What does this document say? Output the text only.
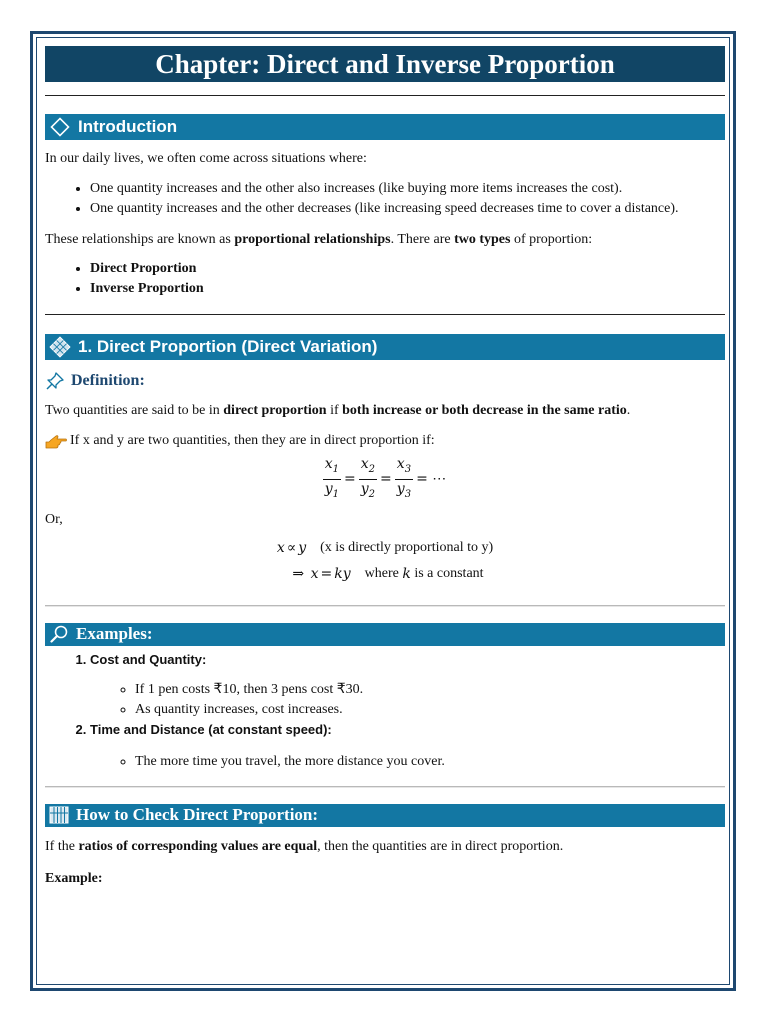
Chapter: Direct and Inverse Proportion
Introduction

In our daily lives, we often come across situations where:

• One quantity increases and the other also increases (like buying more items increases the cost).
• One quantity increases and the other decreases (like increasing speed decreases time to cover a distance).

These relationships are known as proportional relationships. There are two types of proportion:

• Direct Proportion
• Inverse Proportion
1. Direct Proportion (Direct Variation)
Definition:

Two quantities are said to be in direct proportion if both increase or both decrease in the same ratio.

If x and y are two quantities, then they are in direct proportion if:

$\frac{x_1}{y_1} = \frac{x_2}{y_2} = \frac{x_3}{y_3}$ = ⋯

Or,

x ∝ y (x is directly proportional to y)
⇒ x = ky where
k
is a constant
Examples:
1. Cost and Quantity:
◦ If 1 pen costs ₹10, then 3 pens cost ₹30.
◦ As quantity increases, cost increases.
2. Time and Distance (at constant speed):
◦ The more time you travel, the more distance you cover.
How to Check Direct Proportion:

If the ratios of corresponding values are equal, then the quantities are in direct proportion.

Example:
